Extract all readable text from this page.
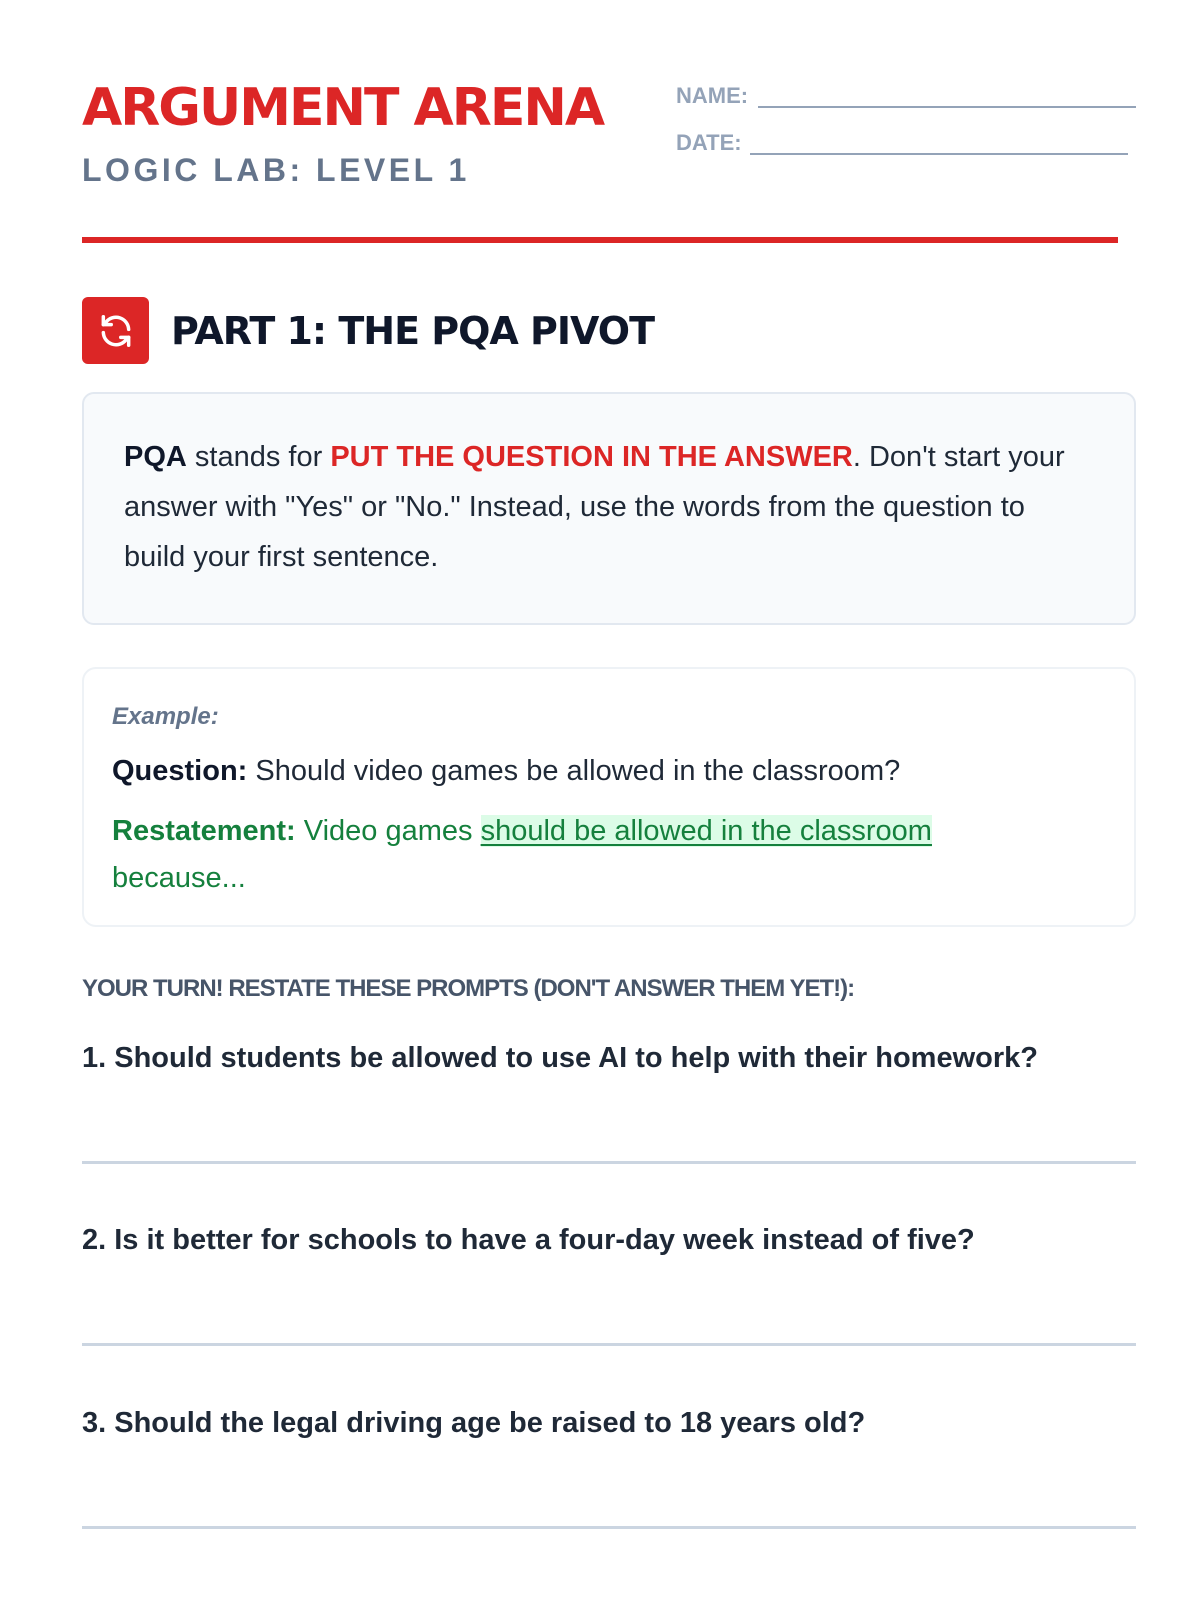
ARGUMENT ARENA
LOGIC LAB: LEVEL 1
NAME:
DATE:
PART 1: THE PQA PIVOT
PQA stands for PUT THE QUESTION IN THE ANSWER. Don't start your answer with "Yes" or "No." Instead, use the words from the question to build your first sentence.
Example:
Question: Should video games be allowed in the classroom?
Restatement: Video games should be allowed in the classroom because...
YOUR TURN! RESTATE THESE PROMPTS (DON'T ANSWER THEM YET!):
1. Should students be allowed to use AI to help with their homework?
2. Is it better for schools to have a four-day week instead of five?
3. Should the legal driving age be raised to 18 years old?
